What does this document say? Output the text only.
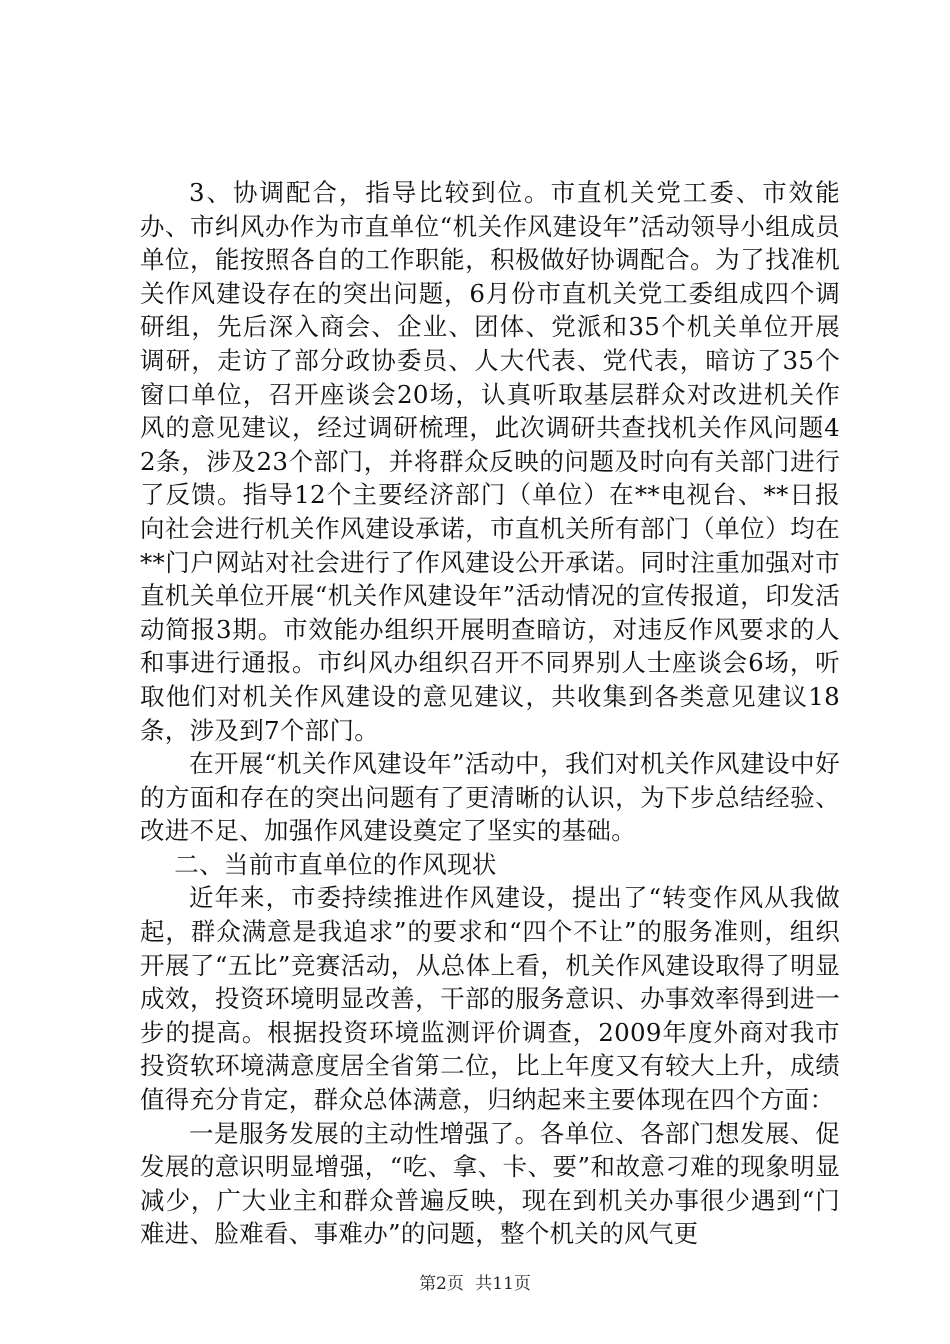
3、协调配合，指导比较到位。市直机关党工委、市效能办、市纠风办作为市直单位“机关作风建设年”活动领导小组成员单位，能按照各自的工作职能，积极做好协调配合。为了找准机关作风建设存在的突出问题，6月份市直机关党工委组成四个调研组，先后深入商会、企业、团体、党派和35个机关单位开展调研，走访了部分政协委员、人大代表、党代表，暗访了35个窗口单位，召开座谈会20场，认真听取基层群众对改进机关作风的意见建议，经过调研梳理，此次调研共查找机关作风问题42条，涉及23个部门，并将群众反映的问题及时向有关部门进行了反馈。指导12个主要经济部门（单位）在**电视台、**日报向社会进行机关作风建设承诺，市直机关所有部门（单位）均在**门户网站对社会进行了作风建设公开承诺。同时注重加强对市直机关单位开展“机关作风建设年”活动情况的宣传报道，印发活动简报3期。市效能办组织开展明查暗访，对违反作风要求的人和事进行通报。市纠风办组织召开不同界别人士座谈会6场，听取他们对机关作风建设的意见建议，共收集到各类意见建议18条，涉及到7个部门。

在开展“机关作风建设年”活动中，我们对机关作风建设中好的方面和存在的突出问题有了更清晰的认识，为下步总结经验、改进不足、加强作风建设奠定了坚实的基础。

二、当前市直单位的作风现状

近年来，市委持续推进作风建设，提出了“转变作风从我做起，群众满意是我追求”的要求和“四个不让”的服务准则，组织开展了“五比”竞赛活动，从总体上看，机关作风建设取得了明显成效，投资环境明显改善，干部的服务意识、办事效率得到进一步的提高。根据投资环境监测评价调查，2009年度外商对我市投资软环境满意度居全省第二位，比上年度又有较大上升，成绩值得充分肯定，群众总体满意，归纳起来主要体现在四个方面：

一是服务发展的主动性增强了。各单位、各部门想发展、促发展的意识明显增强，“吃、拿、卡、要”和故意刁难的现象明显减少，广大业主和群众普遍反映，现在到机关办事很少遇到“门难进、脸难看、事难办”的问题，整个机关的风气更

第2页 共11页
